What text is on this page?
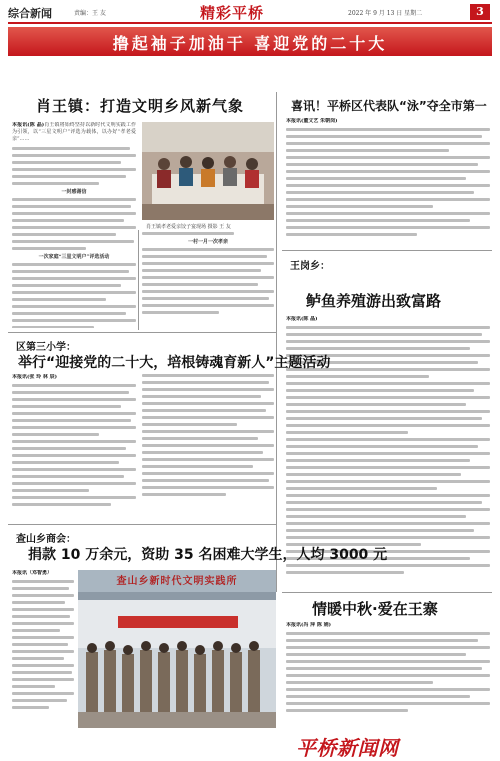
综合新闻	责编：王 友	精彩平桥	2022 年 9 月 13 日 星期二	3
撸起袖子加油干 喜迎党的二十大
肖王镇：打造文明乡风新气象
本报讯(陈 晶)肖王镇将始终坚持以新时代文明实践工作为引领，以“三星文明户”评选为载体，以办好“孝老爱亲”……
一封感谢信
一次家庭“三星文明户”评选活动
肖王镇孝老爱亲饺子宴现场 摄影 王 友
一村一月一次孝亲
喜讯！平桥区代表队“泳”夺全市第一
本报讯(董文艺 朱朝岗)
王岗乡：
鲈鱼养殖游出致富路
本报讯(陈 晶)
区第三小学：
举行“迎接党的二十大，培根铸魂育新人”主题活动
本报讯(张 玲 林 辰)
查山乡商会：
捐款 10 万余元，资助 35 名困难大学生，人均 3000 元
本报讯（邓智勇）
查山乡新时代文明实践所
情暖中秋·爱在王寨
本报讯(冯 萍 陈 娟)
平桥新闻网
